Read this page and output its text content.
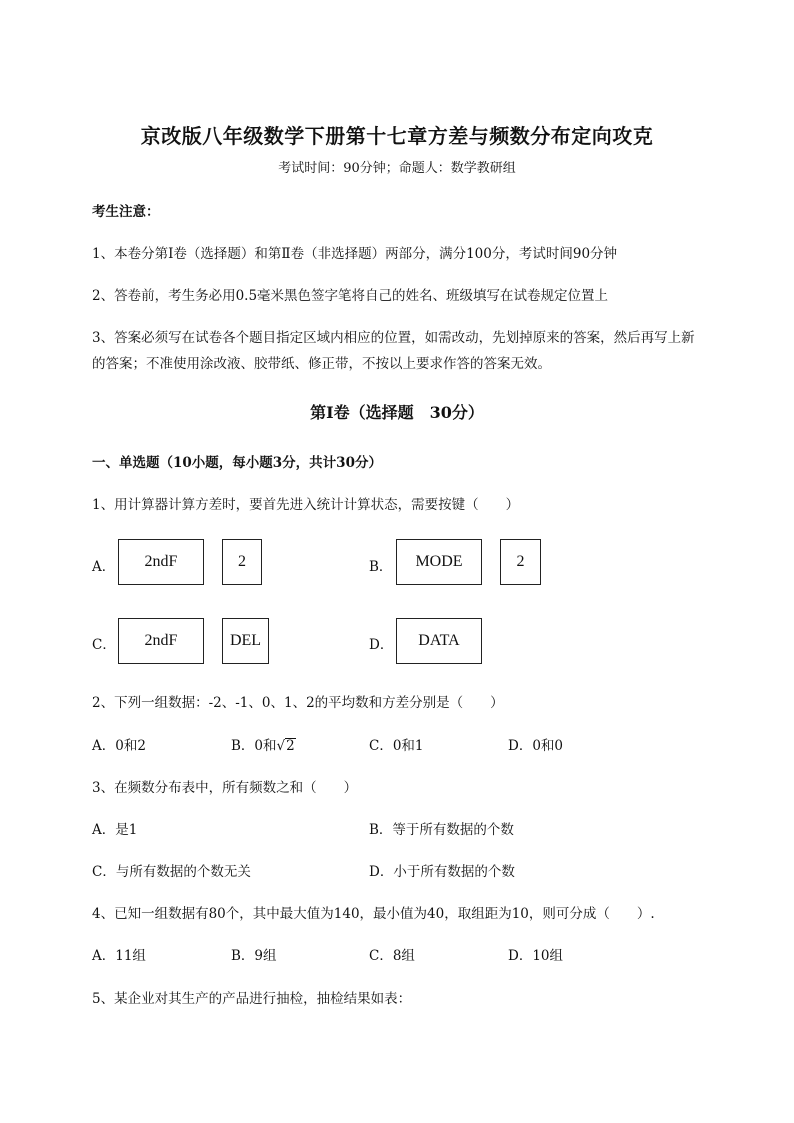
京改版八年级数学下册第十七章方差与频数分布定向攻克
考试时间：90分钟；命题人：数学教研组
考生注意：
1、本卷分第I卷（选择题）和第Ⅱ卷（非选择题）两部分，满分100分，考试时间90分钟
2、答卷前，考生务必用0.5毫米黑色签字笔将自己的姓名、班级填写在试卷规定位置上
3、答案必须写在试卷各个题目指定区域内相应的位置，如需改动，先划掉原来的答案，然后再写上新
的答案；不准使用涂改液、胶带纸、修正带，不按以上要求作答的答案无效。
第I卷（选择题　30分）
一、单选题（10小题，每小题3分，共计30分）
1、用计算器计算方差时，要首先进入统计计算状态，需要按键（　　）
A．	2ndF	2	B．	MODE	2
C．	2ndF	DEL	D．	DATA
2、下列一组数据：-2、-1、0、1、2的平均数和方差分别是（　　）
A．0和2	B．0和√2	C．0和1	D．0和0
3、在频数分布表中，所有频数之和（　　）
A．是1	B．等于所有数据的个数
C．与所有数据的个数无关	D．小于所有数据的个数
4、已知一组数据有80个，其中最大值为140，最小值为40，取组距为10，则可分成（　　）.
A．11组	B．9组	C．8组	D．10组
5、某企业对其生产的产品进行抽检，抽检结果如表：
